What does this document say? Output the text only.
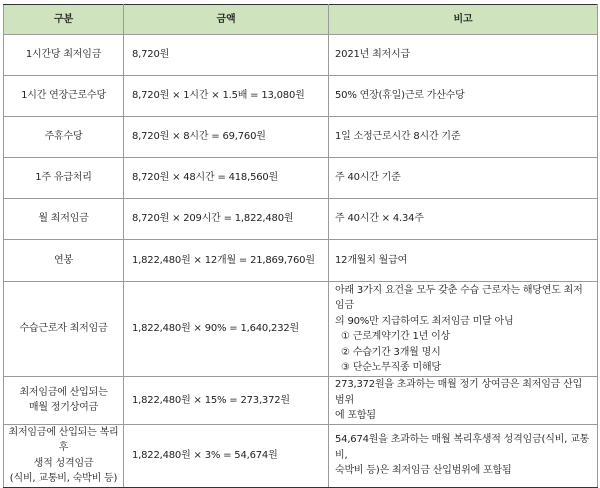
구분	금액	비고

1시간당 최저임금	8,720원	2021년 최저시급

1시간 연장근로수당	8,720원 × 1시간 × 1.5배 = 13,080원	50% 연장(휴일)근로 가산수당

주휴수당	8,720원 × 8시간 = 69,760원	1일 소정근로시간 8시간 기준

1주 유급처리	8,720원 × 48시간 = 418,560원	주 40시간 기준

월 최저임금	8,720원 × 209시간 = 1,822,480원	주 40시간 × 4.34주

연봉	1,822,480원 × 12개월 = 21,869,760원	12개월치 월급여

수습근로자 최저임금	1,822,480원 × 90% = 1,640,232원	아래 3가지 요건을 모두 갖춘 수습 근로자는 해당연도 최저임금
의 90%만 지급하여도 최저임금 미달 아님
① 근로계약기간 1년 이상
② 수습기간 3개월 명시
③ 단순노무직종 미해당

최저임금에 산입되는
매월 정기상여금	1,822,480원 × 15% = 273,372원	273,372원을 초과하는 매월 정기 상여금은 최저임금 산입범위
에 포함됨

최저임금에 산입되는 복리후
생적 성격임금
(식비, 교통비, 숙박비 등)	1,822,480원 × 3% = 54,674원	54,674원을 초과하는 매월 복리후생적 성격임금(식비, 교통비,
숙박비 등)은 최저임금 산입범위에 포함됨
